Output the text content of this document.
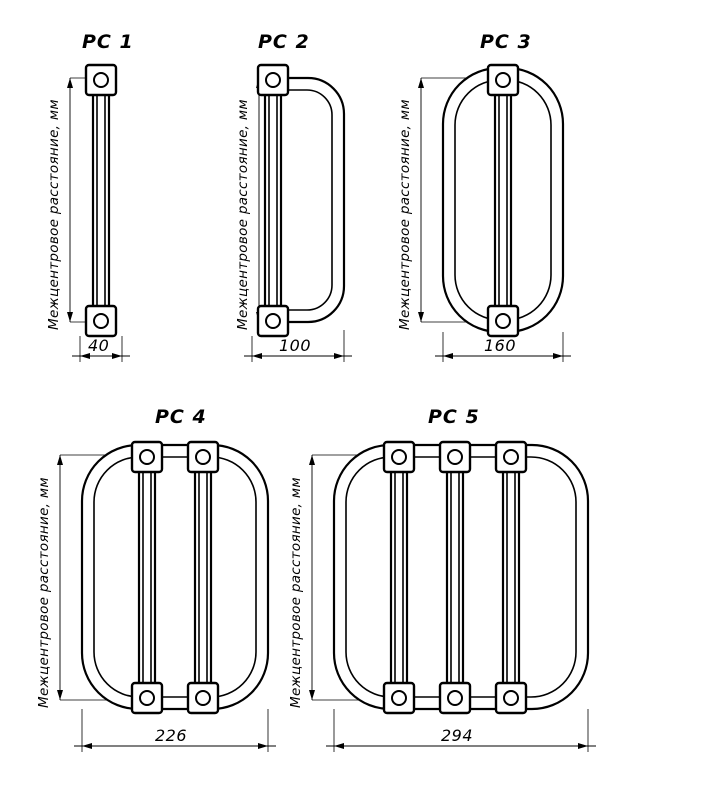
PC 1
Межцентровое расстояние, мм
40
PC 2
Межцентровое расстояние, мм
100
PC 3
Межцентровое расстояние, мм
160
PC 4
Межцентровое расстояние, мм
226
PC 5
Межцентровое расстояние, мм
294
